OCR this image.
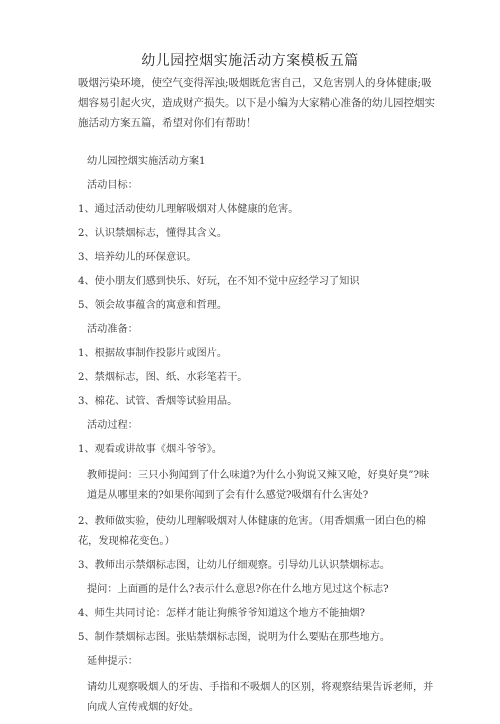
幼儿园控烟实施活动方案模板五篇

吸烟污染环境，使空气变得浑浊;吸烟既危害自己，又危害别人的身体健康;吸烟容易引起火灾，造成财产损失。以下是小编为大家精心准备的幼儿园控烟实施活动方案五篇，希望对你们有帮助！

幼儿园控烟实施活动方案1
活动目标：
1、通过活动使幼儿理解吸烟对人体健康的危害。
2、认识禁烟标志，懂得其含义。
3、培养幼儿的环保意识。
4、使小朋友们感到快乐、好玩，在不知不觉中应经学习了知识
5、领会故事蕴含的寓意和哲理。
活动准备：
1、根据故事制作投影片或图片。
2、禁烟标志，图、纸、水彩笔若干。
3、棉花、试管、香烟等试验用品。
活动过程：
1、观看或讲故事《烟斗爷爷》。
教师提问：三只小狗闻到了什么味道?为什么小狗说又辣又呛，好臭好臭”?味道是从哪里来的?如果你闻到了会有什么感觉?吸烟有什么害处?
2、教师做实验，使幼儿理解吸烟对人体健康的危害。（用香烟熏一团白色的棉花，发现棉花变色。）
3、教师出示禁烟标志图，让幼儿仔细观察。引导幼儿认识禁烟标志。
提问：上面画的是什么?表示什么意思?你在什么地方见过这个标志?
4、师生共同讨论：怎样才能让狗熊爷爷知道这个地方不能抽烟?
5、制作禁烟标志图。张贴禁烟标志图，说明为什么要贴在那些地方。
延伸提示：
请幼儿观察吸烟人的牙齿、手指和不吸烟人的区别，将观察结果告诉老师，并向成人宣传戒烟的好处。
